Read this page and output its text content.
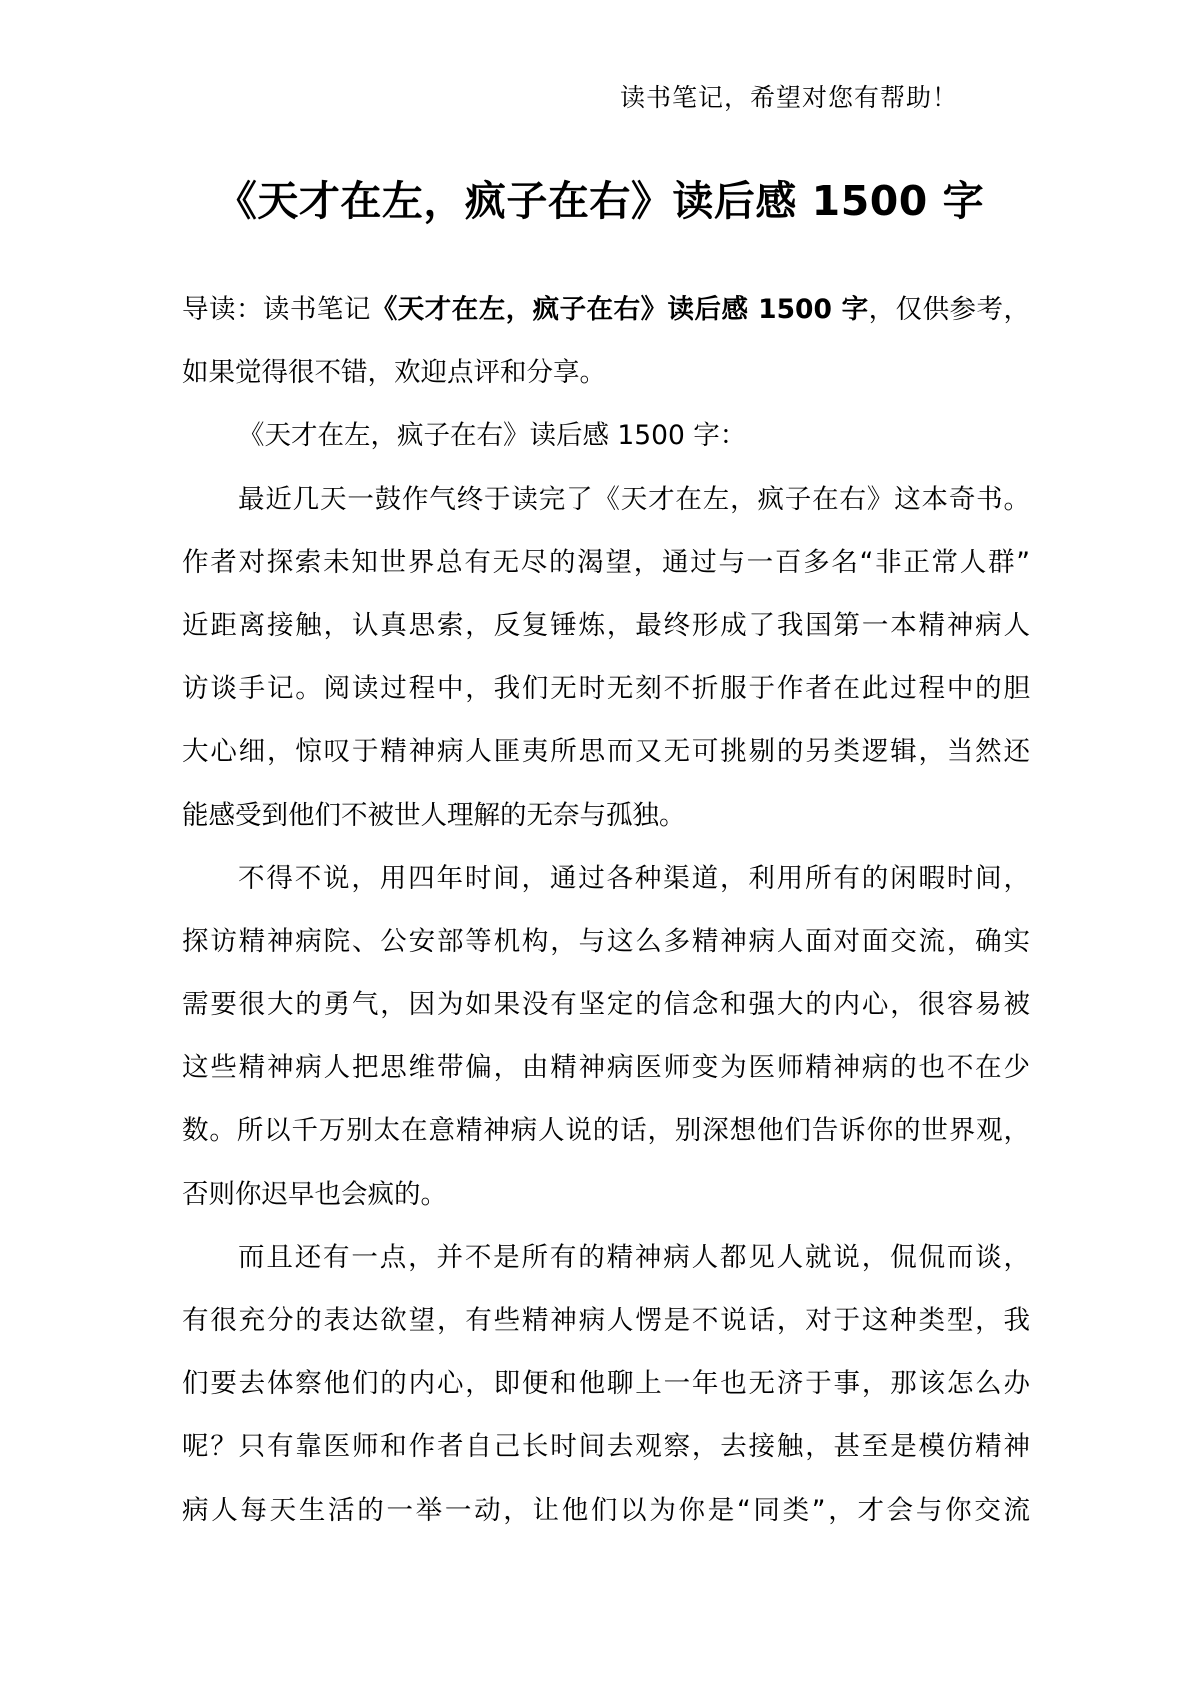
读书笔记，希望对您有帮助！
《天才在左，疯子在右》读后感 1500 字
导读：读书笔记《天才在左，疯子在右》读后感 1500 字，仅供参考，
如果觉得很不错，欢迎点评和分享。
《天才在左，疯子在右》读后感 1500 字：
最近几天一鼓作气终于读完了《天才在左，疯子在右》这本奇书。
作者对探索未知世界总有无尽的渴望，通过与一百多名“非正常人群”
近距离接触，认真思索，反复锤炼，最终形成了我国第一本精神病人
访谈手记。阅读过程中，我们无时无刻不折服于作者在此过程中的胆
大心细，惊叹于精神病人匪夷所思而又无可挑剔的另类逻辑，当然还
能感受到他们不被世人理解的无奈与孤独。
不得不说，用四年时间，通过各种渠道，利用所有的闲暇时间，
探访精神病院、公安部等机构，与这么多精神病人面对面交流，确实
需要很大的勇气，因为如果没有坚定的信念和强大的内心，很容易被
这些精神病人把思维带偏，由精神病医师变为医师精神病的也不在少
数。所以千万别太在意精神病人说的话，别深想他们告诉你的世界观，
否则你迟早也会疯的。
而且还有一点，并不是所有的精神病人都见人就说，侃侃而谈，
有很充分的表达欲望，有些精神病人愣是不说话，对于这种类型，我
们要去体察他们的内心，即便和他聊上一年也无济于事，那该怎么办
呢？只有靠医师和作者自己长时间去观察，去接触，甚至是模仿精神
病人每天生活的一举一动，让他们以为你是“同类”，才会与你交流
